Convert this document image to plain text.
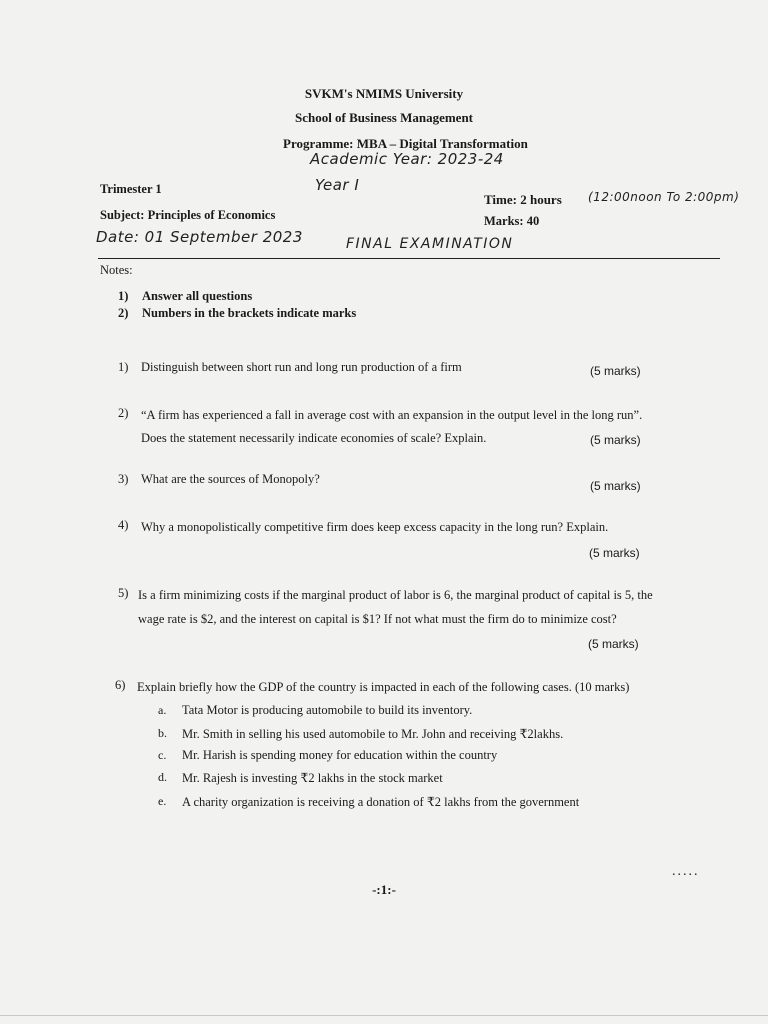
SVKM's NMIMS University
School of Business Management
Programme: MBA – Digital Transformation
Academic Year: 2023-24
Trimester 1	Year I
Time: 2 hours (12:00noon To 2:00pm)
Subject: Principles of Economics	Marks: 40
Date: 01 September 2023	FINAL EXAMINATION
Notes:
1) Answer all questions
2) Numbers in the brackets indicate marks
1) Distinguish between short run and long run production of a firm	(5 marks)
2) “A firm has experienced a fall in average cost with an expansion in the output level in the long run”.
Does the statement necessarily indicate economies of scale? Explain.	(5 marks)
3) What are the sources of Monopoly?	(5 marks)
4) Why a monopolistically competitive firm does keep excess capacity in the long run? Explain.
(5 marks)
5) Is a firm minimizing costs if the marginal product of labor is 6, the marginal product of capital is 5, the
wage rate is $2, and the interest on capital is $1? If not what must the firm do to minimize cost?
(5 marks)
6) Explain briefly how the GDP of the country is impacted in each of the following cases. (10 marks)
a. Tata Motor is producing automobile to build its inventory.
b. Mr. Smith in selling his used automobile to Mr. John and receiving ₹2lakhs.
c. Mr. Harish is spending money for education within the country
d. Mr. Rajesh is investing ₹2 lakhs in the stock market
e. A charity organization is receiving a donation of ₹2 lakhs from the government
.....
-:1:-
